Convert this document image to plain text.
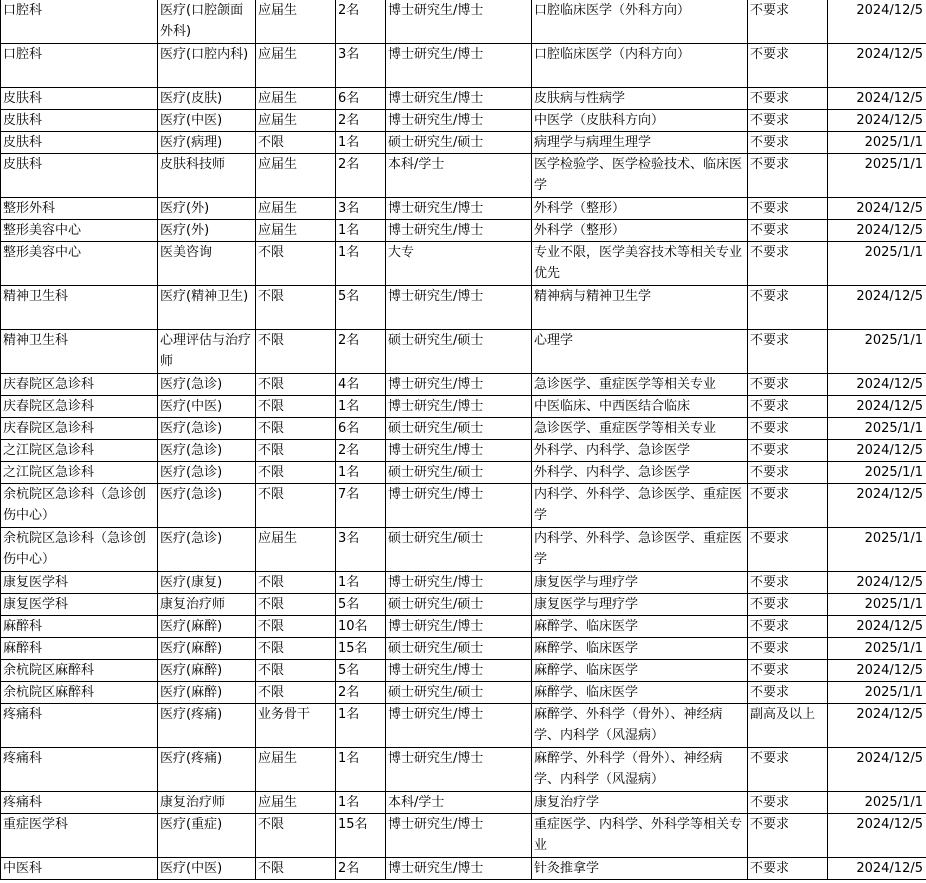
口腔科	医疗(口腔颌面外科)	应届生	2名	博士研究生/博士	口腔临床医学（外科方向）	不要求	2024/12/5
口腔科	医疗(口腔内科)	应届生	3名	博士研究生/博士	口腔临床医学（内科方向）	不要求	2024/12/5
皮肤科	医疗(皮肤)	应届生	6名	博士研究生/博士	皮肤病与性病学	不要求	2024/12/5
皮肤科	医疗(中医)	应届生	2名	博士研究生/博士	中医学（皮肤科方向）	不要求	2024/12/5
皮肤科	医疗(病理)	不限	1名	硕士研究生/硕士	病理学与病理生理学	不要求	2025/1/1
皮肤科	皮肤科技师	应届生	2名	本科/学士	医学检验学、医学检验技术、临床医学	不要求	2025/1/1
整形外科	医疗(外)	应届生	3名	博士研究生/博士	外科学（整形）	不要求	2024/12/5
整形美容中心	医疗(外)	应届生	1名	博士研究生/博士	外科学（整形）	不要求	2024/12/5
整形美容中心	医美咨询	不限	1名	大专	专业不限，医学美容技术等相关专业优先	不要求	2025/1/1
精神卫生科	医疗(精神卫生)	不限	5名	博士研究生/博士	精神病与精神卫生学	不要求	2024/12/5
精神卫生科	心理评估与治疗师	不限	2名	硕士研究生/硕士	心理学	不要求	2025/1/1
庆春院区急诊科	医疗(急诊)	不限	4名	博士研究生/博士	急诊医学、重症医学等相关专业	不要求	2024/12/5
庆春院区急诊科	医疗(中医)	不限	1名	博士研究生/博士	中医临床、中西医结合临床	不要求	2024/12/5
庆春院区急诊科	医疗(急诊)	不限	6名	硕士研究生/硕士	急诊医学、重症医学等相关专业	不要求	2025/1/1
之江院区急诊科	医疗(急诊)	不限	2名	博士研究生/博士	外科学、内科学、急诊医学	不要求	2024/12/5
之江院区急诊科	医疗(急诊)	不限	1名	硕士研究生/硕士	外科学、内科学、急诊医学	不要求	2025/1/1
余杭院区急诊科（急诊创伤中心）	医疗(急诊)	不限	7名	博士研究生/博士	内科学、外科学、急诊医学、重症医学	不要求	2024/12/5
余杭院区急诊科（急诊创伤中心）	医疗(急诊)	应届生	3名	硕士研究生/硕士	内科学、外科学、急诊医学、重症医学	不要求	2025/1/1
康复医学科	医疗(康复)	不限	1名	博士研究生/博士	康复医学与理疗学	不要求	2024/12/5
康复医学科	康复治疗师	不限	5名	硕士研究生/硕士	康复医学与理疗学	不要求	2025/1/1
麻醉科	医疗(麻醉)	不限	10名	博士研究生/博士	麻醉学、临床医学	不要求	2024/12/5
麻醉科	医疗(麻醉)	不限	15名	硕士研究生/硕士	麻醉学、临床医学	不要求	2025/1/1
余杭院区麻醉科	医疗(麻醉)	不限	5名	博士研究生/博士	麻醉学、临床医学	不要求	2024/12/5
余杭院区麻醉科	医疗(麻醉)	不限	2名	硕士研究生/硕士	麻醉学、临床医学	不要求	2025/1/1
疼痛科	医疗(疼痛)	业务骨干	1名	博士研究生/博士	麻醉学、外科学（骨外）、神经病学、内科学（风湿病）	副高及以上	2024/12/5
疼痛科	医疗(疼痛)	应届生	1名	博士研究生/博士	麻醉学、外科学（骨外）、神经病学、内科学（风湿病）	不要求	2024/12/5
疼痛科	康复治疗师	应届生	1名	本科/学士	康复治疗学	不要求	2025/1/1
重症医学科	医疗(重症)	不限	15名	博士研究生/博士	重症医学、内科学、外科学等相关专业	不要求	2024/12/5
中医科	医疗(中医)	不限	2名	博士研究生/博士	针灸推拿学	不要求	2024/12/5
